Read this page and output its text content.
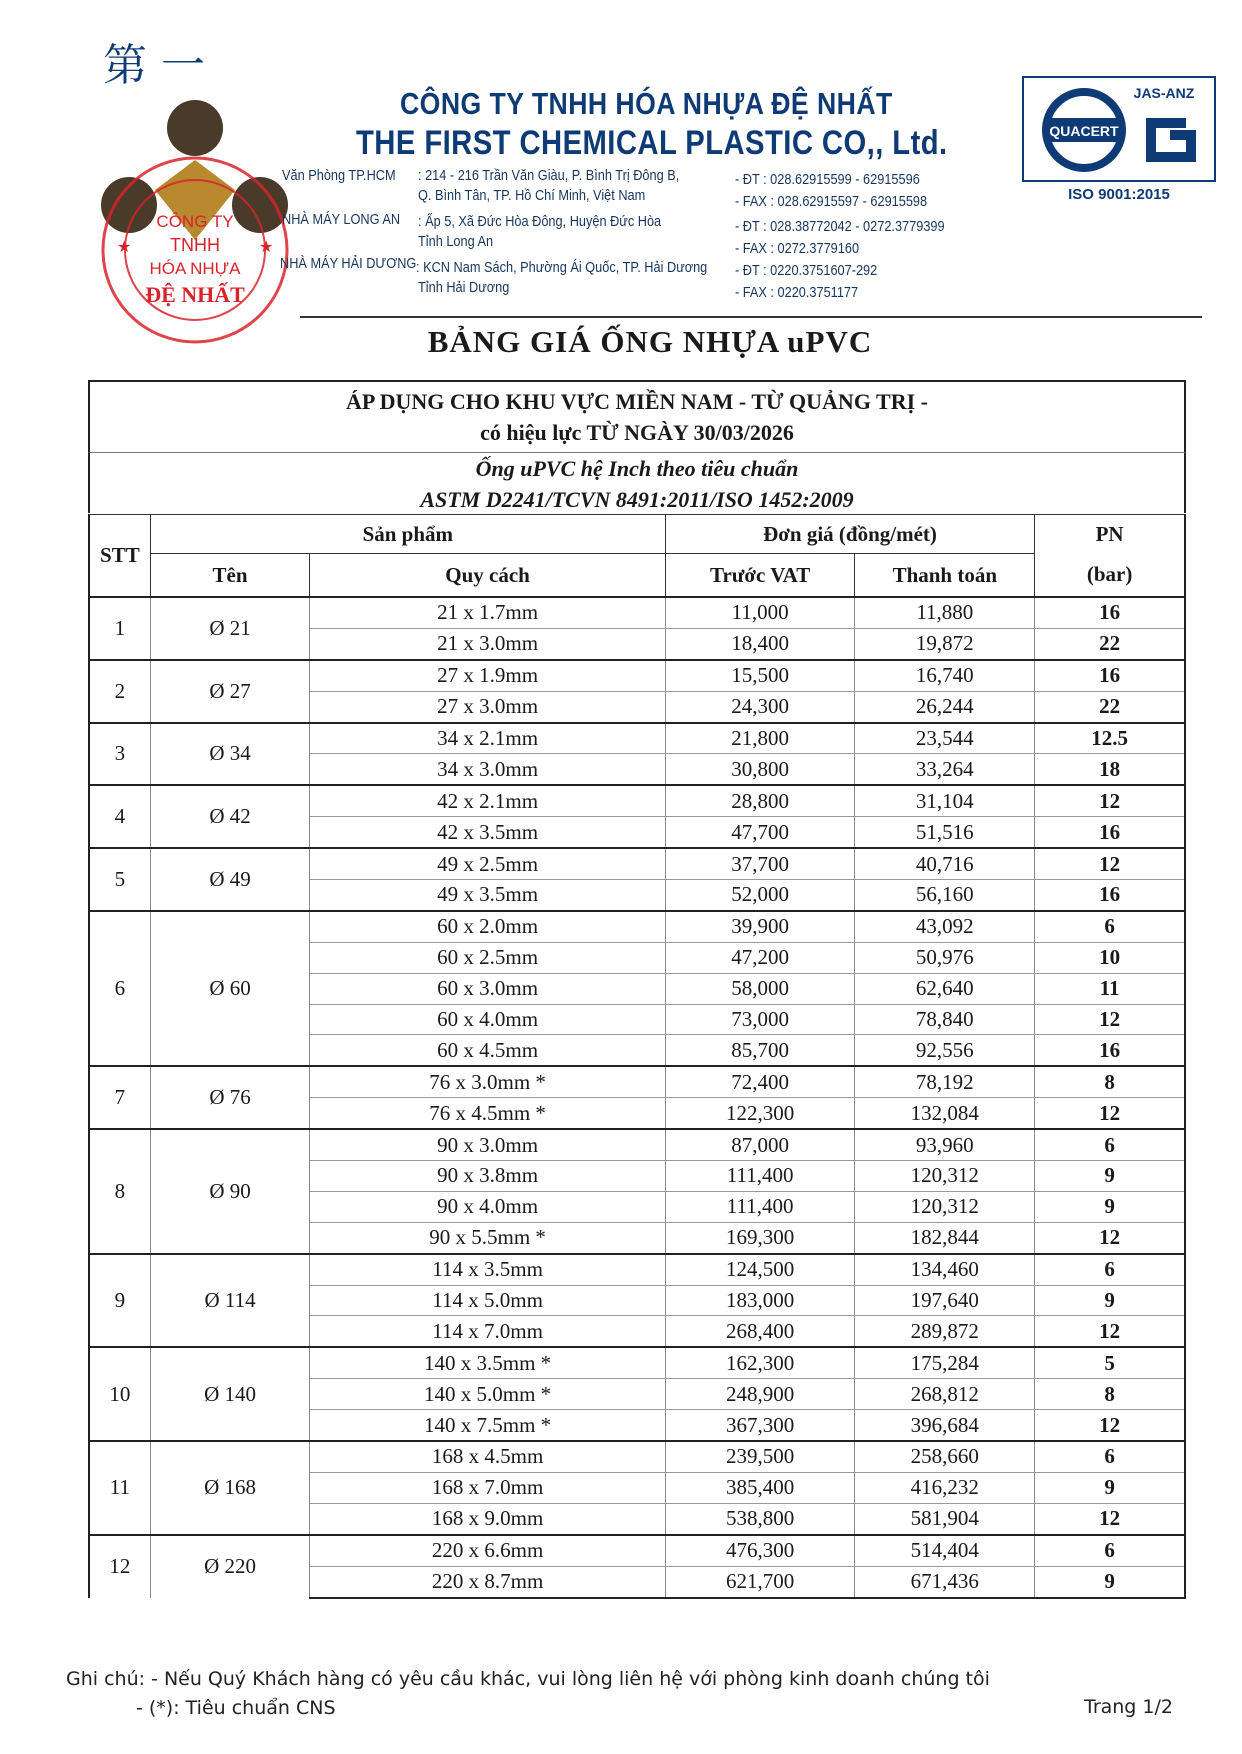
第 一
CÔNG TY
TNHH
HÓA NHỰA
ĐỆ NHẤT
★	★
CÔNG TY TNHH HÓA NHỰA ĐỆ NHẤT
THE FIRST CHEMICAL PLASTIC CO,, Ltd.
Văn Phòng TP.HCM : 214 - 216 Trần Văn Giàu, P. Bình Trị Đông B,	- ĐT : 028.62915599 - 62915596
Q. Bình Tân, TP. Hồ Chí Minh, Việt Nam	- FAX : 028.62915597 - 62915598
NHÀ MÁY LONG AN : Ấp 5, Xã Đức Hòa Đông, Huyện Đức Hòa	- ĐT : 028.38772042 - 0272.3779399
Tỉnh Long An	- FAX : 0272.3779160
NHÀ MÁY HẢI DƯƠNG : KCN Nam Sách, Phường Ái Quốc, TP. Hải Dương - ĐT : 0220.3751607-292
Tỉnh Hải Dương	- FAX : 0220.3751177
QUACERT
JAS-ANZ
ISO 9001:2015
BẢNG GIÁ ỐNG NHỰA uPVC
ÁP DỤNG CHO KHU VỰC MIỀN NAM - TỪ QUẢNG TRỊ -
có hiệu lực TỪ NGÀY 30/03/2026
Ống uPVC hệ Inch theo tiêu chuẩn
ASTM D2241/TCVN 8491:2011/ISO 1452:2009
STT	Sản phẩm		Đơn giá (đồng/mét)		PN
	Tên	Quy cách	Trước VAT	Thanh toán	(bar)
1	Ø 21	21 x 1.7mm	11,000	11,880	16
		21 x 3.0mm	18,400	19,872	22
2	Ø 27	27 x 1.9mm	15,500	16,740	16
		27 x 3.0mm	24,300	26,244	22
3	Ø 34	34 x 2.1mm	21,800	23,544	12.5
		34 x 3.0mm	30,800	33,264	18
4	Ø 42	42 x 2.1mm	28,800	31,104	12
		42 x 3.5mm	47,700	51,516	16
5	Ø 49	49 x 2.5mm	37,700	40,716	12
		49 x 3.5mm	52,000	56,160	16
6	Ø 60	60 x 2.0mm	39,900	43,092	6
		60 x 2.5mm	47,200	50,976	10
		60 x 3.0mm	58,000	62,640	11
		60 x 4.0mm	73,000	78,840	12
		60 x 4.5mm	85,700	92,556	16
7	Ø 76	76 x 3.0mm *	72,400	78,192	8
		76 x 4.5mm *	122,300	132,084	12
8	Ø 90	90 x 3.0mm	87,000	93,960	6
		90 x 3.8mm	111,400	120,312	9
		90 x 4.0mm	111,400	120,312	9
		90 x 5.5mm *	169,300	182,844	12
9	Ø 114	114 x 3.5mm	124,500	134,460	6
		114 x 5.0mm	183,000	197,640	9
		114 x 7.0mm	268,400	289,872	12
10	Ø 140	140 x 3.5mm *	162,300	175,284	5
		140 x 5.0mm *	248,900	268,812	8
		140 x 7.5mm *	367,300	396,684	12
11	Ø 168	168 x 4.5mm	239,500	258,660	6
		168 x 7.0mm	385,400	416,232	9
		168 x 9.0mm	538,800	581,904	12
12	Ø 220	220 x 6.6mm	476,300	514,404	6
		220 x 8.7mm	621,700	671,436	9
Ghi chú: - Nếu Quý Khách hàng có yêu cầu khác, vui lòng liên hệ với phòng kinh doanh chúng tôi
- (*): Tiêu chuẩn CNS	Trang 1/2
